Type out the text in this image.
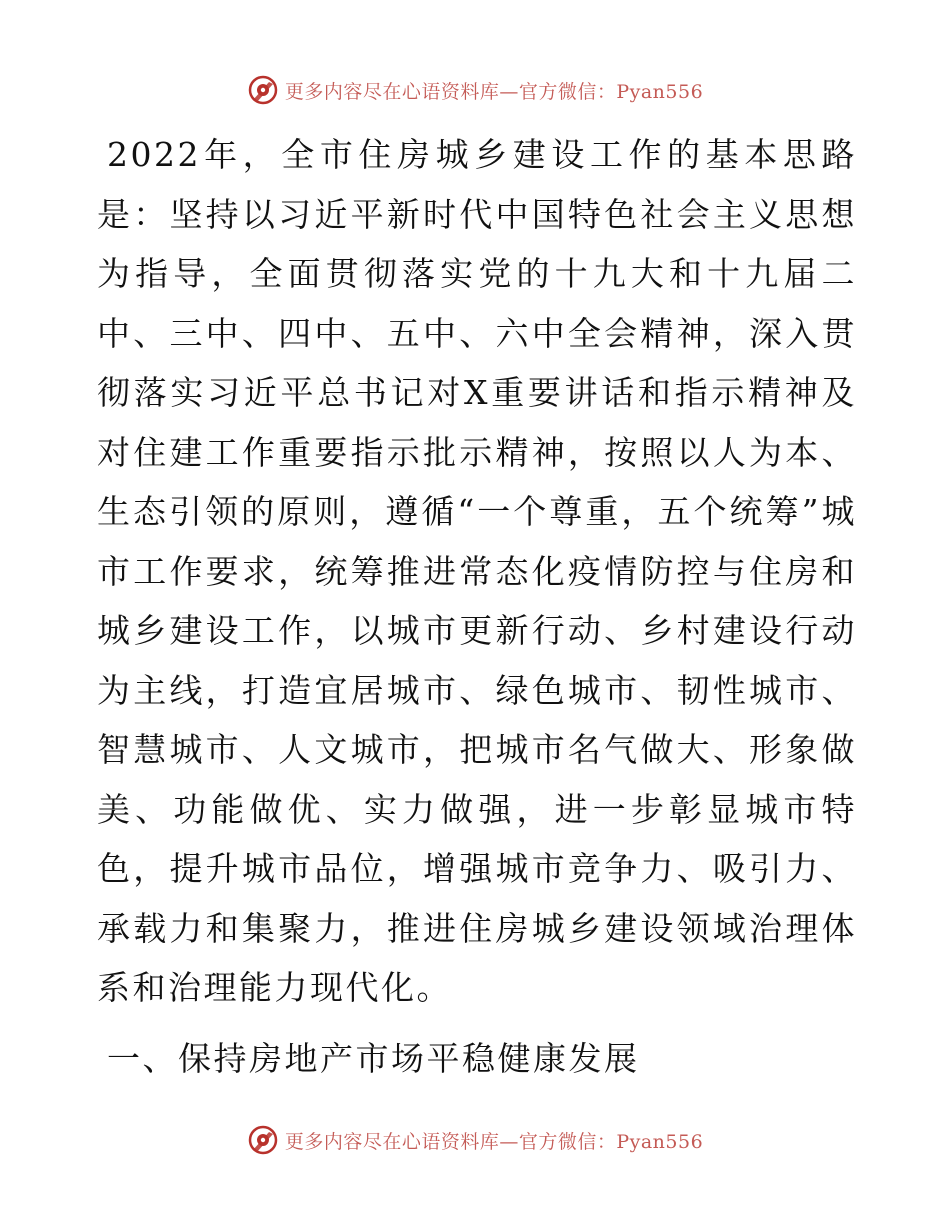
更多内容尽在心语资料库—官方微信：Pyan556

2022年，全市住房城乡建设工作的基本思路是：坚持以习近平新时代中国特色社会主义思想为指导，全面贯彻落实党的十九大和十九届二中、三中、四中、五中、六中全会精神，深入贯彻落实习近平总书记对X重要讲话和指示精神及对住建工作重要指示批示精神，按照以人为本、生态引领的原则，遵循“一个尊重，五个统筹”城市工作要求，统筹推进常态化疫情防控与住房和城乡建设工作，以城市更新行动、乡村建设行动为主线，打造宜居城市、绿色城市、韧性城市、智慧城市、人文城市，把城市名气做大、形象做美、功能做优、实力做强，进一步彰显城市特色，提升城市品位，增强城市竞争力、吸引力、承载力和集聚力，推进住房城乡建设领域治理体系和治理能力现代化。

一、保持房地产市场平稳健康发展

更多内容尽在心语资料库—官方微信：Pyan556
